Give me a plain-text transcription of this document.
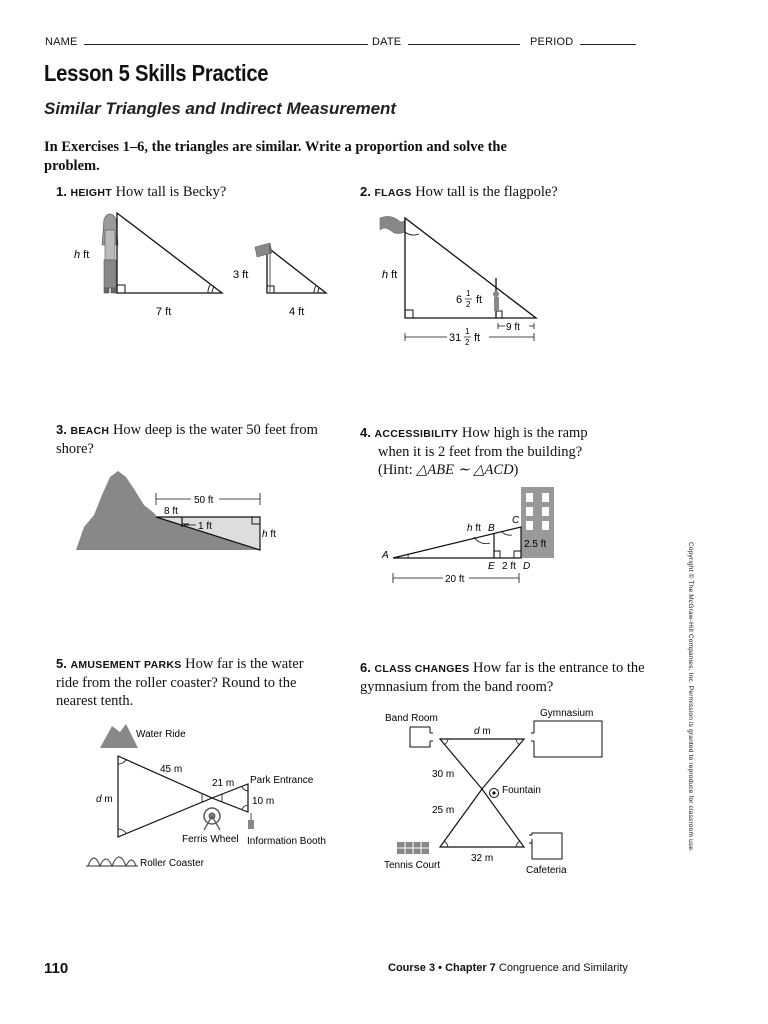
NAME	DATE	PERIOD
Lesson 5 Skills Practice
Similar Triangles and Indirect Measurement
In Exercises 1–6, the triangles are similar. Write a proportion and solve the problem.
1. HEIGHT How tall is Becky?
h ft
7 ft
3 ft
4 ft
2. FLAGS How tall is the flagpole?
h ft
6
1
2 ft
9 ft
31
1
2 ft
3. BEACH How deep is the water 50 feet from shore?
50 ft
8 ft
1 ft
h ft
4. ACCESSIBILITY How high is the ramp
when it is 2 feet from the building?
(Hint: △ABE ∼ △ACD)
h ft B
C
A
E	D
2.5 ft
2 ft
20 ft
5. AMUSEMENT PARKS How far is the water ride from the roller coaster? Round to the nearest tenth.
Water Ride
d m
45 m
21 m Park Entrance
10 m
Ferris Wheel Information Booth
Roller Coaster
6. CLASS CHANGES How far is the entrance to the gymnasium from the band room?
Band Room	Gymnasium
d m
30 m
Fountain
25 m
Tennis Court
32 m
Cafeteria
Copyright © The McGraw-Hill Companies, Inc. Permission is granted to reproduce for classroom use.
110	Course 3 • Chapter 7 Congruence and Similarity
